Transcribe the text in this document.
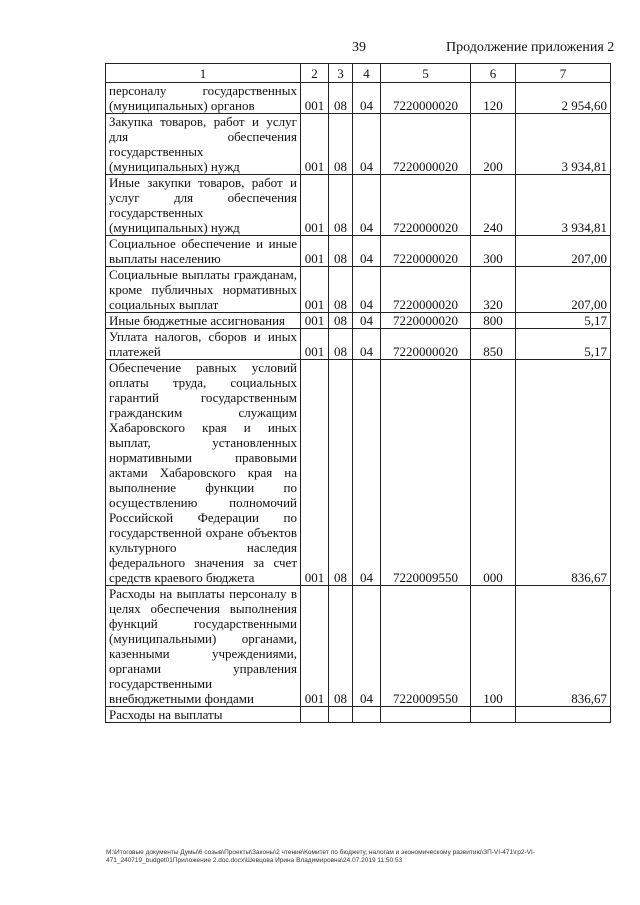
39	Продолжение приложения 2
1	2	3	4	5	6	7
персоналу государственных (муниципальных) органов	001	08	04	7220000020	120	2 954,60
Закупка товаров, работ и услуг для обеспечения государственных (муниципальных) нужд	001	08	04	7220000020	200	3 934,81
Иные закупки товаров, работ и услуг для обеспечения государственных (муниципальных) нужд	001	08	04	7220000020	240	3 934,81
Социальное обеспечение и иные выплаты населению	001	08	04	7220000020	300	207,00
Социальные выплаты гражданам, кроме публичных нормативных социальных выплат	001	08	04	7220000020	320	207,00
Иные бюджетные ассигнования	001	08	04	7220000020	800	5,17
Уплата налогов, сборов и иных платежей	001	08	04	7220000020	850	5,17
Обеспечение равных условий оплаты труда, социальных гарантий государственным гражданским служащим Хабаровского края и иных выплат, установленных нормативными правовыми актами Хабаровского края на выполнение функции по осуществлению полномочий Российской Федерации по государственной охране объектов культурного наследия федерального значения за счет средств краевого бюджета	001	08	04	7220009550	000	836,67
Расходы на выплаты персоналу в целях обеспечения выполнения функций государственными (муниципальными) органами, казенными учреждениями, органами управления государственными внебюджетными фондами	001	08	04	7220009550	100	836,67
Расходы на выплаты						
M:\Итоговые документы Думы\6 созыв\Проекты\Законы\2 чтение\Комитет по бюджету, налогам и экономическому развитию\ЗП-VI-471\гр2-VI-471_240719_budget01Приложение 2.doc.docx\Шевцова Ирина Владимировна\24.07.2019 11:50:53
